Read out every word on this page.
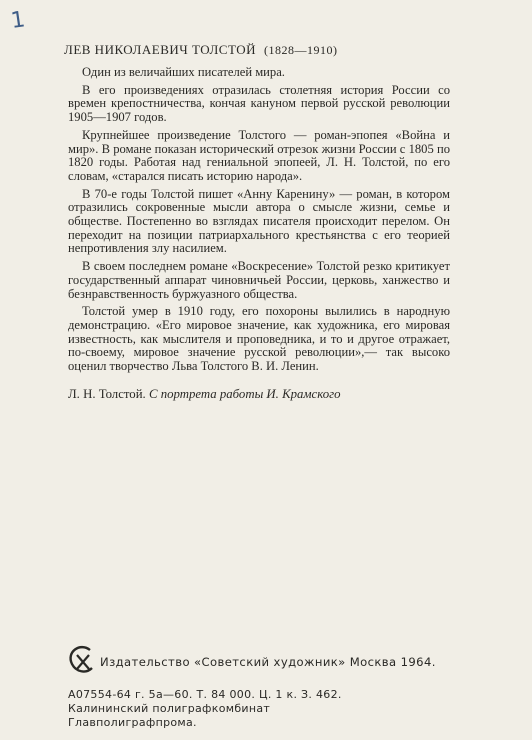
1
ЛЕВ НИКОЛАЕВИЧ ТОЛСТОЙ (1828—1910)

Один из величайших писателей мира.

В его произведениях отразилась столетняя история России со времен крепостничества, кончая кануном первой русской революции 1905—1907 годов.

Крупнейшее произведение Толстого — роман-эпопея «Война и мир». В романе показан исторический отрезок жизни России с 1805 по 1820 годы. Работая над гениальной эпопеей, Л. Н. Толстой, по его словам, «старался писать историю народа».

В 70-е годы Толстой пишет «Анну Каренину» — роман, в котором отразились сокровенные мысли автора о смысле жизни, семье и обществе. Постепенно во взглядах писателя происходит перелом. Он переходит на позиции патриархального крестьянства с его теорией непротивления злу насилием.

В своем последнем романе «Воскресение» Толстой резко критикует государственный аппарат чиновничьей России, церковь, ханжество и безнравственность буржуазного общества.

Толстой умер в 1910 году, его похороны вылились в народную демонстрацию. «Его мировое значение, как художника, его мировая известность, как мыслителя и проповедника, и то и другое отражает, по-своему, мировое значение русской революции»,— так высоко оценил творчество Льва Толстого В. И. Ленин.

Л. Н. Толстой. С портрета работы И. Крамского
Издательство «Советский художник» Москва 1964.
А07554-64 г. 5а—60. Т. 84 000. Ц. 1 к. З. 462.
Калининский полиграфкомбинат
Главполиграфпрома.
